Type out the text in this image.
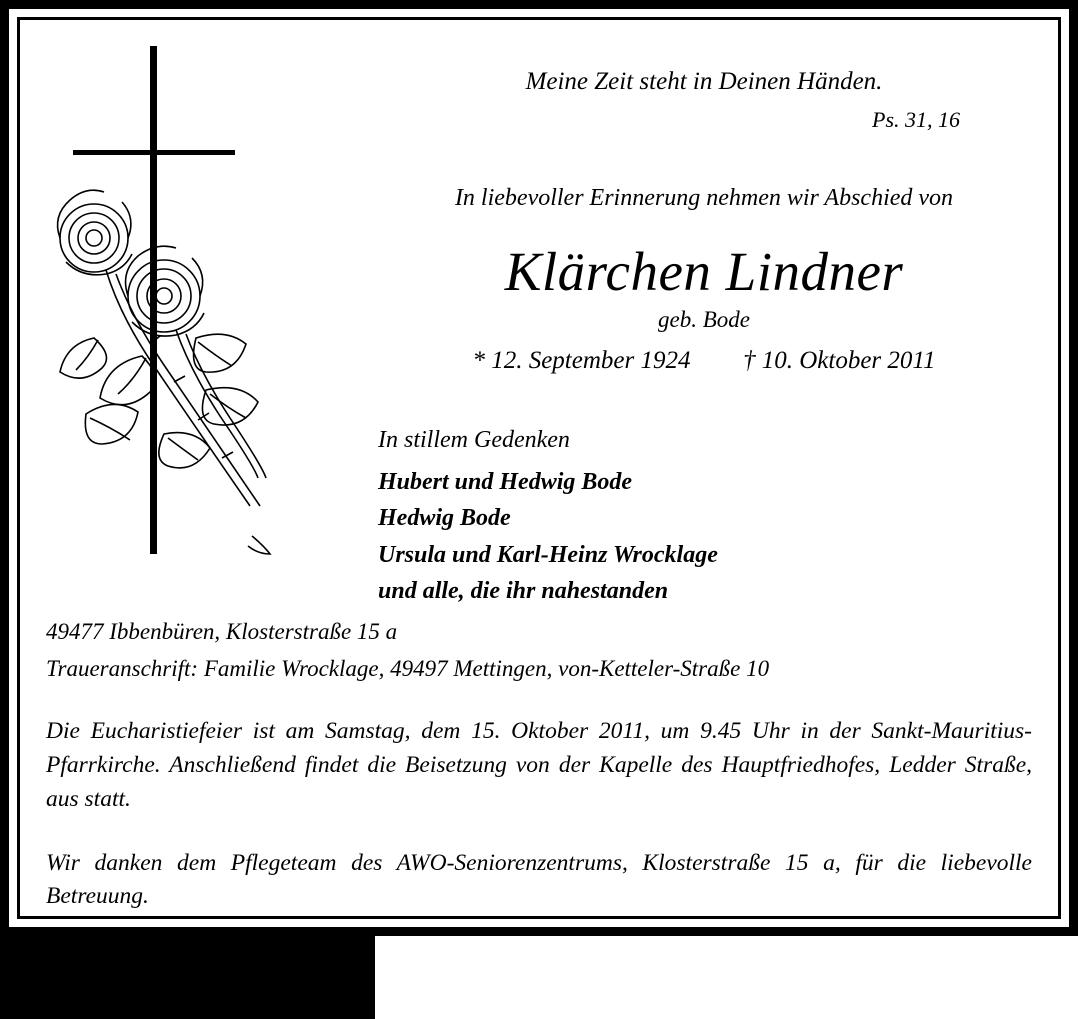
Meine Zeit steht in Deinen Händen.
Ps. 31, 16
In liebevoller Erinnerung nehmen wir Abschied von
Klärchen Lindner
geb. Bode
* 12. September 1924 † 10. Oktober 2011
In stillem Gedenken
Hubert und Hedwig Bode
Hedwig Bode
Ursula und Karl-Heinz Wrocklage
und alle, die ihr nahestanden
49477 Ibbenbüren, Klosterstraße 15 a
Traueranschrift: Familie Wrocklage, 49497 Mettingen, von-Ketteler-Straße 10
Die Eucharistiefeier ist am Samstag, dem 15. Oktober 2011, um 9.45 Uhr in der Sankt-Mauritius-Pfarrkirche. Anschließend findet die Beisetzung von der Kapelle des Hauptfriedhofes, Ledder Straße, aus statt.
Wir danken dem Pflegeteam des AWO-Seniorenzentrums, Klosterstraße 15 a, für die liebevolle Betreuung.
